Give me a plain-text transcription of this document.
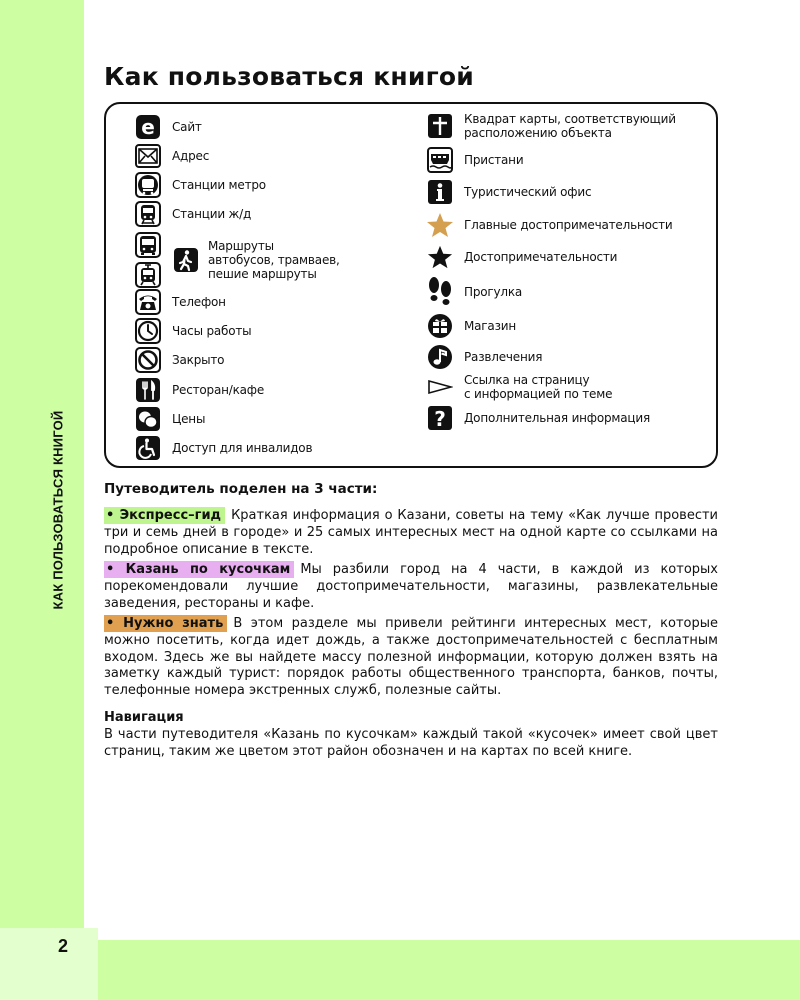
2
КАК ПОЛЬЗОВАТЬСЯ КНИГОЙ
Как пользоваться книгой
e Сайт
Адрес
Станции метро
Станции ж/д
Маршруты
автобусов, трамваев,
пешие маршруты
Телефон
Часы работы
Закрыто
Ресторан/кафе
Цены
Доступ для инвалидов
Квадрат карты, соответствующий
расположению объекта
Пристани
Туристический офис
Главные достопримечательности
Достопримечательности
Прогулка
Магазин
Развлечения
Ссылка на страницу
с информацией по теме
? Дополнительная информация
Путеводитель поделен на 3 части:

• Экспресс–гид Краткая информация о Казани, советы на тему «Как лучше провести три и семь дней в городе» и 25 самых интересных мест на одной карте со ссылками на подробное описание в тексте.

• Казань по кусочкам Мы разбили город на 4 части, в каждой из которых порекомендовали лучшие достопримечательности, магазины, развлекательные заведения, рестораны и кафе.

• Нужно знать В этом разделе мы привели рейтинги интересных мест, которые можно посетить, когда идет дождь, а также достопримечательностей с бесплатным входом. Здесь же вы найдете массу полезной информации, которую должен взять на заметку каждый турист: порядок работы общественного транспорта, банков, почты, телефонные номера экстренных служб, полезные сайты.

Навигация
В части путеводителя «Казань по кусочкам» каждый такой «кусочек» имеет свой цвет страниц, таким же цветом этот район обозначен и на картах по всей книге.
